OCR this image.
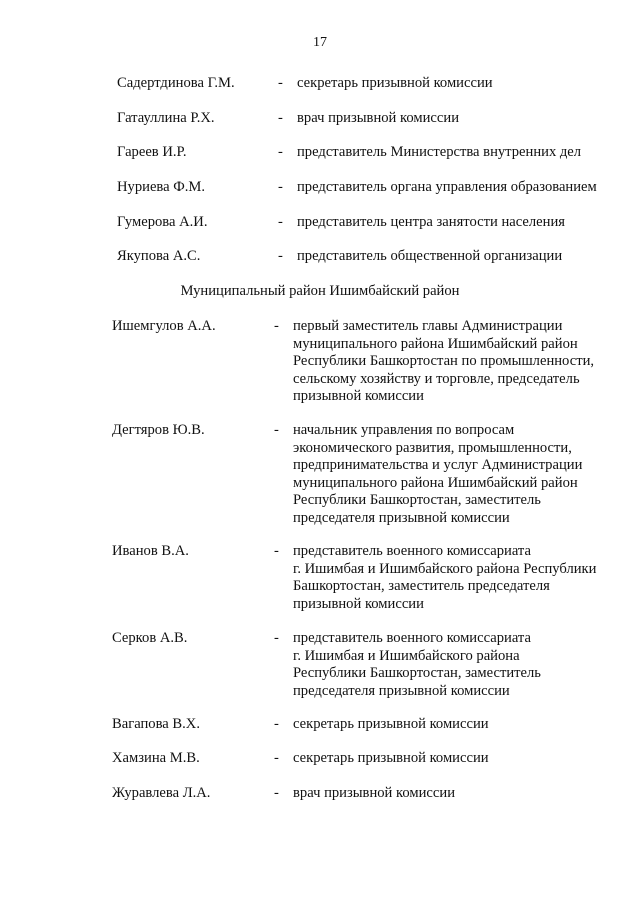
17
Садертдинова Г.М.	- секретарь призывной комиссии
Гатауллина Р.Х.	- врач призывной комиссии
Гареев И.Р.	- представитель Министерства внутренних дел
Нуриева Ф.М.	- представитель органа управления образованием
Гумерова А.И.	- представитель центра занятости населения
Якупова А.С.	- представитель общественной организации
Муниципальный район Ишимбайский район
Ишемгулов А.А.	- первый заместитель главы Администрации
муниципального района Ишимбайский район
Республики Башкортостан по промышленности,
сельскому хозяйству и торговле, председатель
призывной комиссии
Дегтяров Ю.В.	- начальник управления по вопросам
экономического развития, промышленности,
предпринимательства и услуг Администрации
муниципального района Ишимбайский район
Республики Башкортостан, заместитель
председателя призывной комиссии
Иванов В.А.	- представитель военного комиссариата
г. Ишимбая и Ишимбайского района Республики
Башкортостан, заместитель председателя
призывной комиссии
Серков А.В.	- представитель военного комиссариата
г. Ишимбая и Ишимбайского района
Республики Башкортостан, заместитель
председателя призывной комиссии
Вагапова В.Х.	- секретарь призывной комиссии
Хамзина М.В.	- секретарь призывной комиссии
Журавлева Л.А.	- врач призывной комиссии
